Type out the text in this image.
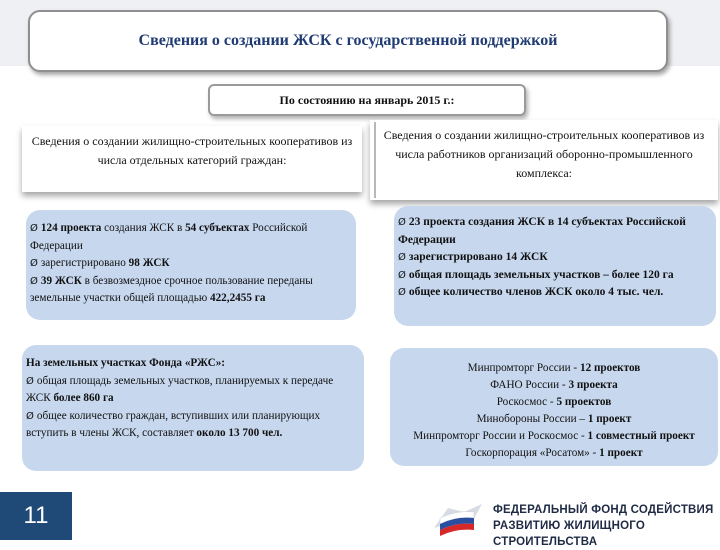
Сведения о создании ЖСК с государственной поддержкой
По состоянию на январь 2015 г.:
Сведения о создании жилищно-строительных кооперативов из числа отдельных категорий граждан:
Сведения о создании жилищно-строительных кооперативов из числа работников организаций оборонно-промышленного комплекса:
Ø 124 проекта создания ЖСК в 54 субъектах Российской Федерации
Ø зарегистрировано 98 ЖСК
Ø 39 ЖСК в безвозмездное срочное пользование переданы земельные участки общей площадью 422,2455 га
Ø 23 проекта создания ЖСК в 14 субъектах Российской Федерации
Ø зарегистрировано 14 ЖСК
Ø общая площадь земельных участков – более 120 га
Ø общее количество членов ЖСК около 4 тыс. чел.
На земельных участках Фонда «РЖС»:
Ø общая площадь земельных участков, планируемых к передаче ЖСК более 860 га
Ø общее количество граждан, вступивших или планирующих вступить в члены ЖСК, составляет около 13 700 чел.
Минпромторг России - 12 проектов
ФАНО России - 3 проекта
Роскосмос - 5 проектов
Минобороны России – 1 проект
Минпромторг России и Роскосмос - 1 совместный проект
Госкорпорация «Росатом» - 1 проект
11	ФЕДЕРАЛЬНЫЙ ФОНД СОДЕЙСТВИЯ
РАЗВИТИЮ ЖИЛИЩНОГО СТРОИТЕЛЬСТВА
